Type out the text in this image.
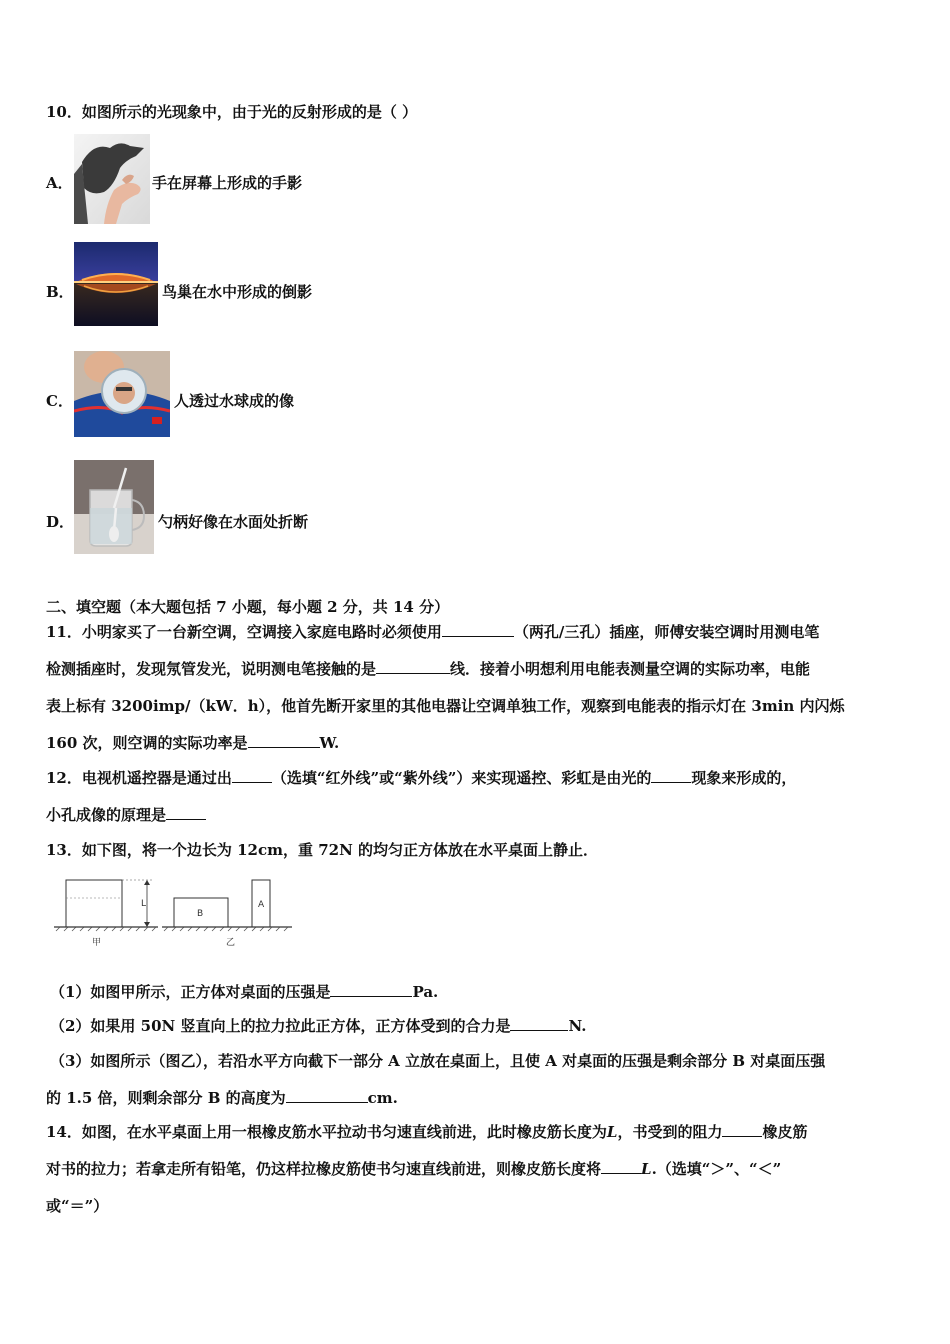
10．如图所示的光现象中，由于光的反射形成的是（ ）
A．	手在屏幕上形成的手影
B．	鸟巢在水中形成的倒影
C．	人透过水球成的像
D．	勺柄好像在水面处折断
二、填空题（本大题包括 7 小题，每小题 2 分，共 14 分）
11．小明家买了一台新空调，空调接入家庭电路时必须使用	（两孔/三孔）插座，师傅安装空调时用测电笔
检测插座时，发现氖管发光，说明测电笔接触的是	线．接着小明想利用电能表测量空调的实际功率，电能
表上标有 3200imp/（kW．h），他首先断开家里的其他电器让空调单独工作，观察到电能表的指示灯在 3min 内闪烁
160 次，则空调的实际功率是	W.
12．电视机遥控器是通过出	（选填“红外线”或“紫外线”）来实现遥控、彩虹是由光的	现象来形成的，
小孔成像的原理是
13．如下图，将一个边长为 12cm，重 72N 的均匀正方体放在水平桌面上静止．
L
B
A
甲	乙
（1）如图甲所示，正方体对桌面的压强是	Pa.
（2）如果用 50N 竖直向上的拉力拉此正方体，正方体受到的合力是	N.
（3）如图所示（图乙），若沿水平方向截下一部分 A 立放在桌面上，且使 A 对桌面的压强是剩余部分 B 对桌面压强
的 1.5 倍，则剩余部分 B 的高度为	cm.
14．如图，在水平桌面上用一根橡皮筋水平拉动书匀速直线前进，此时橡皮筋长度为L，书受到的阻力	橡皮筋
对书的拉力；若拿走所有铅笔，仍这样拉橡皮筋使书匀速直线前进，则橡皮筋长度将	L.（选填“＞”、“＜”
或“＝”）
